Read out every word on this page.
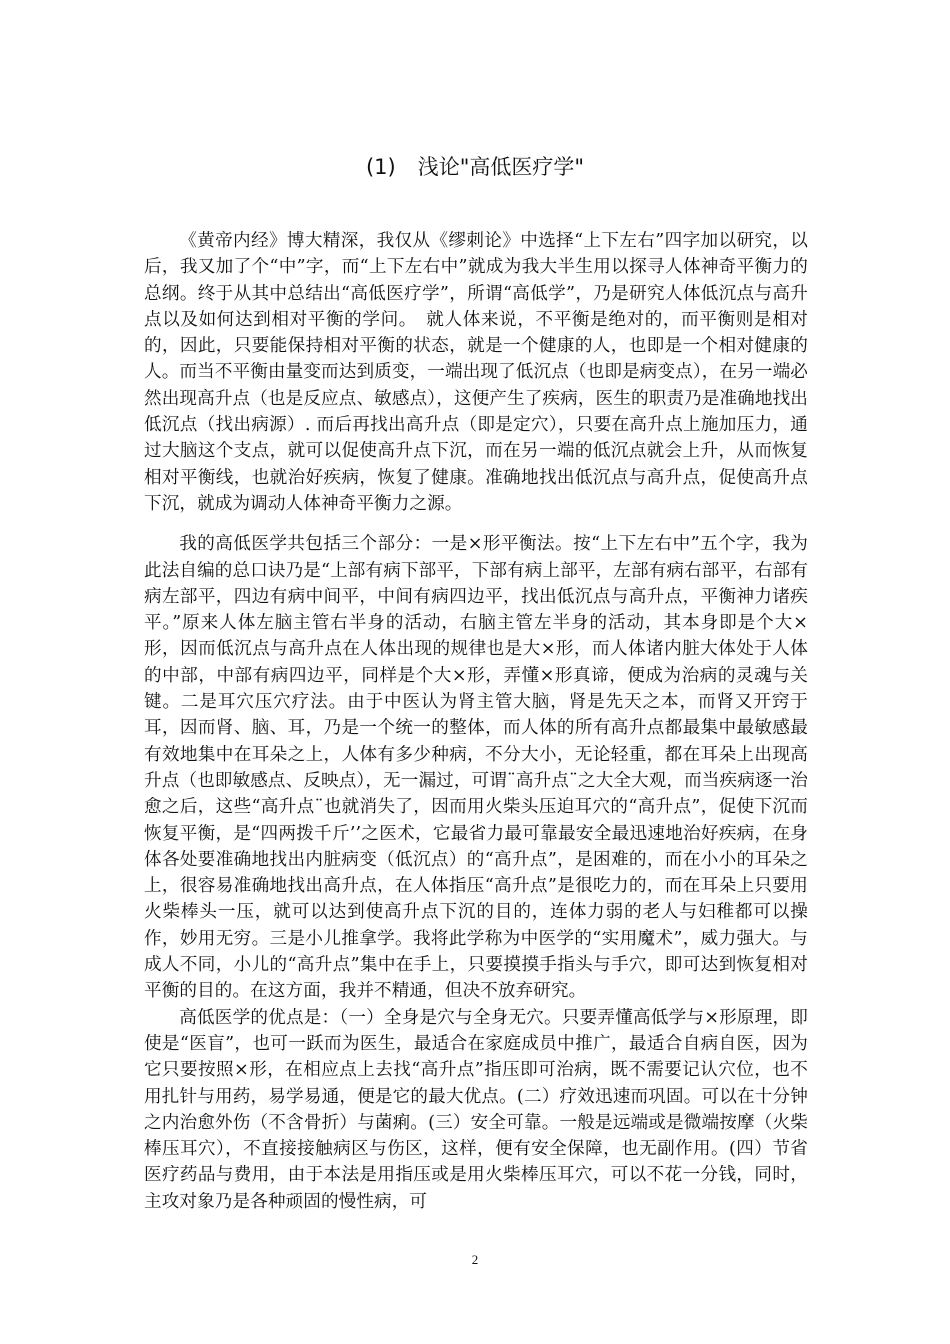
(1) 浅论"高低医疗学"

《黄帝内经》博大精深，我仅从《缪刺论》中选择“上下左右”四字加以研究，以后，我又加了个“中”字，而“上下左右中”就成为我大半生用以探寻人体神奇平衡力的总纲。终于从其中总结出“高低医疗学”，所谓“高低学”，乃是研究人体低沉点与高升点以及如何达到相对平衡的学问。　就人体来说，不平衡是绝对的，而平衡则是相对的，因此，只要能保持相对平衡的状态，就是一个健康的人，也即是一个相对健康的人。而当不平衡由量变而达到质变，一端出现了低沉点（也即是病变点），在另一端必然出现高升点（也是反应点、敏感点），这便产生了疾病，医生的职责乃是准确地找出低沉点（找出病源）. 而后再找出高升点（即是定穴），只要在高升点上施加压力，通过大脑这个支点，就可以促使高升点下沉，而在另一端的低沉点就会上升，从而恢复相对平衡线，也就治好疾病，恢复了健康。准确地找出低沉点与高升点，促使高升点下沉，就成为调动人体神奇平衡力之源。

我的高低医学共包括三个部分：一是×形平衡法。按“上下左右中”五个字，我为此法自编的总口诀乃是“上部有病下部平，下部有病上部平，左部有病右部平，右部有病左部平，四边有病中间平，中间有病四边平，找出低沉点与高升点，平衡神力诸疾平。”原来人体左脑主管右半身的活动，右脑主管左半身的活动，其本身即是个大×形，因而低沉点与高升点在人体出现的规律也是大×形，而人体诸内脏大体处于人体的中部，中部有病四边平，同样是个大×形，弄懂×形真谛，便成为治病的灵魂与关键。二是耳穴压穴疗法。由于中医认为肾主管大脑，肾是先天之本，而肾又开窍于耳，因而肾、脑、耳，乃是一个统一的整体，而人体的所有高升点都最集中最敏感最有效地集中在耳朵之上，人体有多少种病，不分大小，无论轻重，都在耳朵上出现高升点（也即敏感点、反映点），无一漏过，可谓¨高升点¨之大全大观，而当疾病逐一治愈之后，这些“高升点¨也就消失了，因而用火柴头压迫耳穴的“高升点”，促使下沉而恢复平衡，是“四两拨千斤’’之医术，它最省力最可靠最安全最迅速地治好疾病，在身体各处要准确地找出内脏病变（低沉点）的“高升点”，是困难的，而在小小的耳朵之上，很容易准确地找出高升点，在人体指压“高升点”是很吃力的，而在耳朵上只要用火柴棒头一压，就可以达到使高升点下沉的目的，连体力弱的老人与妇稚都可以操作，妙用无穷。三是小儿推拿学。我将此学称为中医学的“实用魔术”，威力强大。与成人不同，小儿的“高升点”集中在手上，只要摸摸手指头与手穴，即可达到恢复相对平衡的目的。在这方面，我并不精通，但决不放弃研究。

高低医学的优点是：（一）全身是穴与全身无穴。只要弄懂高低学与×形原理，即使是“医盲”，也可一跃而为医生，最适合在家庭成员中推广，最适合自病自医，因为它只要按照×形，在相应点上去找“高升点”指压即可治病，既不需要记认穴位，也不用扎针与用药，易学易通，便是它的最大优点。(二）疗效迅速而巩固。可以在十分钟之内治愈外伤（不含骨折）与菌痢。(三）安全可靠。一般是远端或是微端按摩（火柴棒压耳穴），不直接接触病区与伤区，这样，便有安全保障，也无副作用。(四）节省医疗药品与费用，由于本法是用指压或是用火柴棒压耳穴，可以不花一分钱，同时，主攻对象乃是各种顽固的慢性病，可

2
